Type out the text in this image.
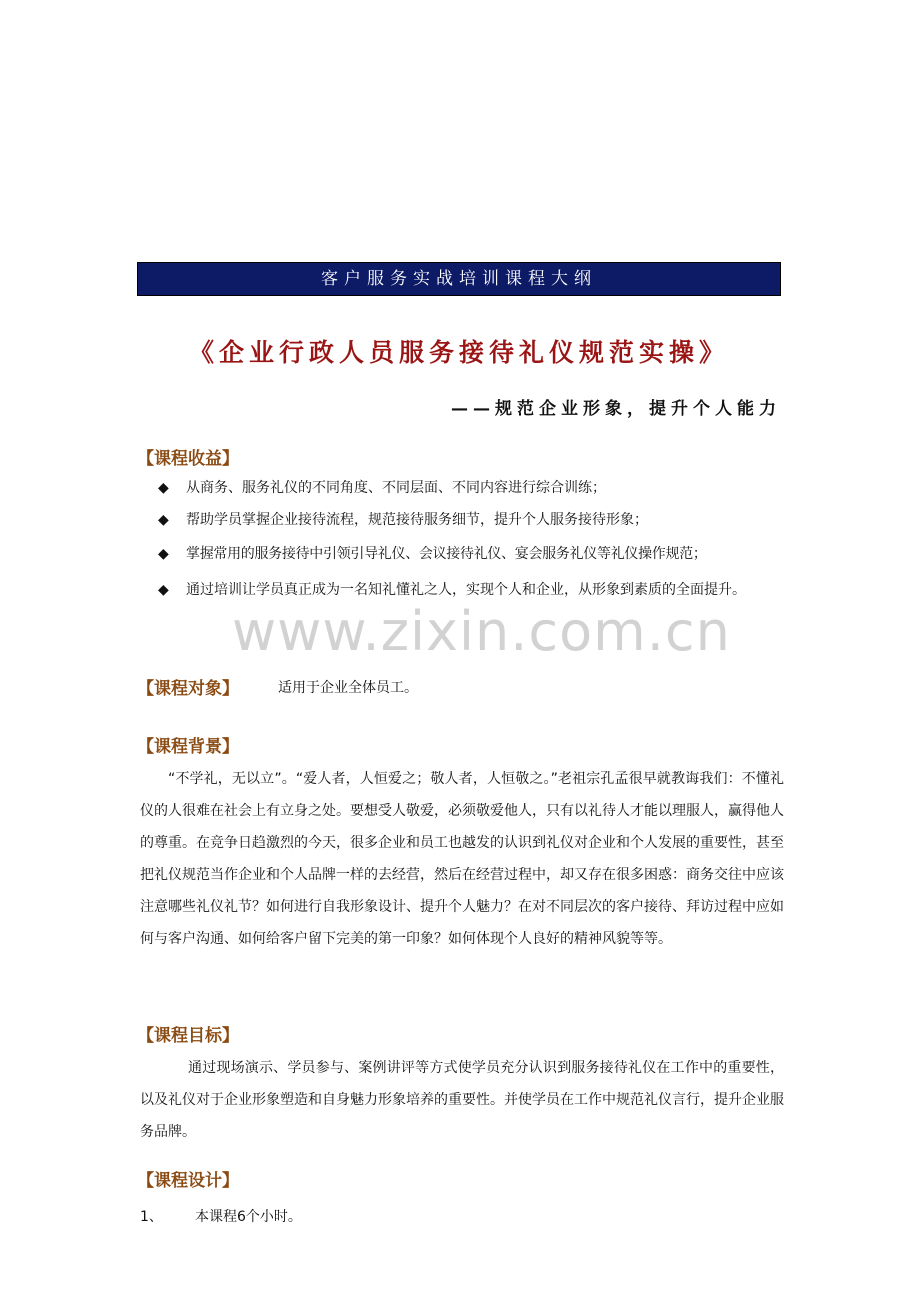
客户服务实战培训课程大纲
《企业行政人员服务接待礼仪规范实操》
——规范企业形象，提升个人能力
【课程收益】
◆ 从商务、服务礼仪的不同角度、不同层面、不同内容进行综合训练；
◆ 帮助学员掌握企业接待流程，规范接待服务细节，提升个人服务接待形象；
◆ 掌握常用的服务接待中引领引导礼仪、会议接待礼仪、宴会服务礼仪等礼仪操作规范；
◆ 通过培训让学员真正成为一名知礼懂礼之人，实现个人和企业，从形象到素质的全面提升。
www.zixin.com.cn
【课程对象】	适用于企业全体员工。
【课程背景】
“不学礼，无以立”。“爱人者，人恒爱之；敬人者，人恒敬之。”老祖宗孔孟很早就教诲我们：不懂礼仪的人很难在社会上有立身之处。要想受人敬爱，必须敬爱他人，只有以礼待人才能以理服人，赢得他人的尊重。在竞争日趋激烈的今天，很多企业和员工也越发的认识到礼仪对企业和个人发展的重要性，甚至把礼仪规范当作企业和个人品牌一样的去经营，然后在经营过程中，却又存在很多困惑：商务交往中应该注意哪些礼仪礼节？如何进行自我形象设计、提升个人魅力？在对不同层次的客户接待、拜访过程中应如何与客户沟通、如何给客户留下完美的第一印象？如何体现个人良好的精神风貌等等。
【课程目标】
通过现场演示、学员参与、案例讲评等方式使学员充分认识到服务接待礼仪在工作中的重要性，以及礼仪对于企业形象塑造和自身魅力形象培养的重要性。并使学员在工作中规范礼仪言行，提升企业服务品牌。
【课程设计】
1、 本课程6个小时。
